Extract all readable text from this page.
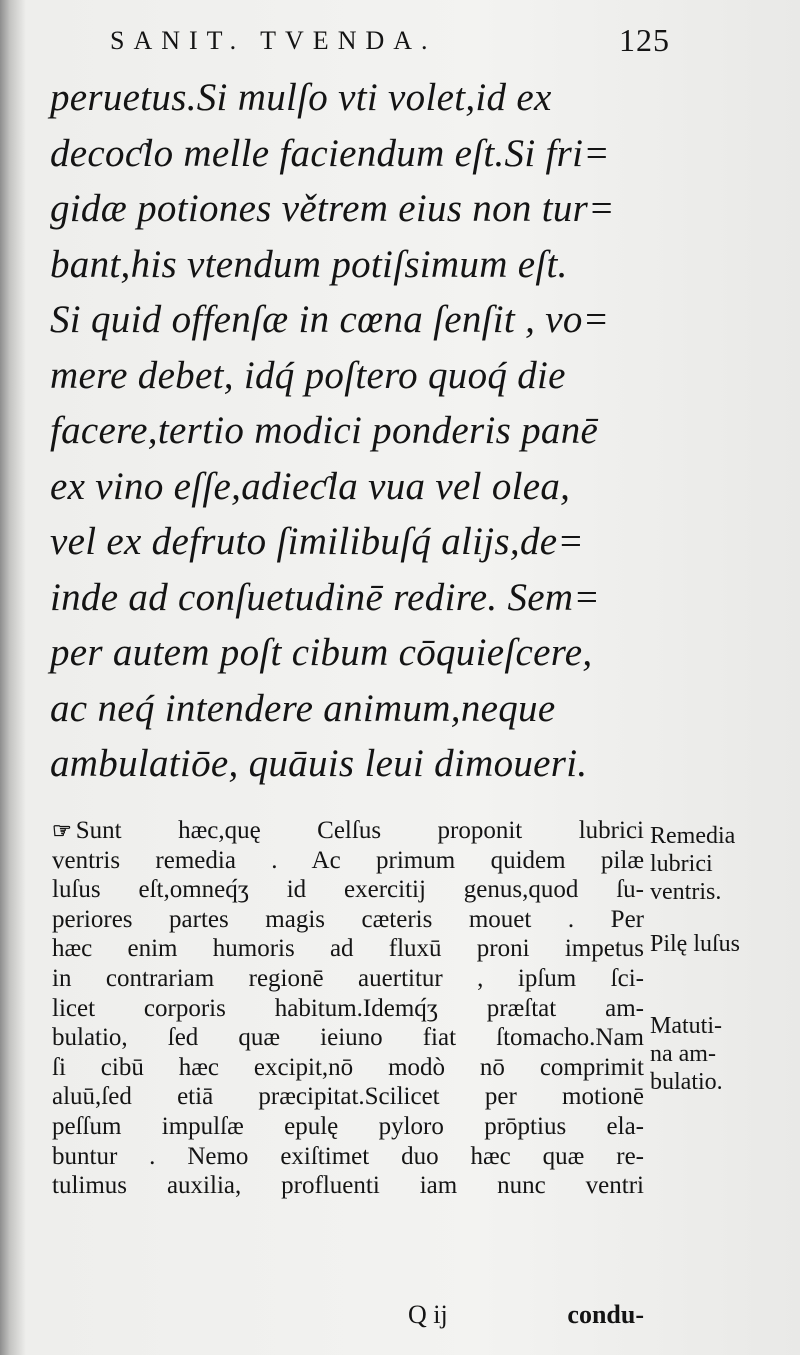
SANIT. TVENDA.	125
peruetus.Si mulſo vti volet,id ex
decoƈlo melle faciendum eſt.Si fri=
gidæ potiones větrem eius non tur=
bant,his vtendum potiſsimum eſt.
Si quid offenſæ in cœna ſenſit , vo=
mere debet, idq́ poſtero quoq́ die
facere,tertio modici ponderis panē
ex vino eſſe,adieƈla vua vel olea,
vel ex defruto ſimilibuſq́ alijs,de=
inde ad conſuetudinē redire. Sem=
per autem poſt cibum cōquieſcere,
ac neq́ intendere animum,neque
ambulatiōe, quāuis leui dimoueri.
☞ Sunt hæc,quę Celſus proponit lubrici
ventris remedia . Ac primum quidem pilæ
luſus eſt,omneq́ʒ id exercitij genus,quod ſu-
periores partes magis cæteris mouet . Per
hæc enim humoris ad fluxū proni impetus
in contrariam regionē auertitur , ipſum ſci-
licet corporis habitum.Idemq́ʒ præſtat am-
bulatio, ſed quæ ieiuno fiat ſtomacho.Nam
ſi cibū hæc excipit,nō modò nō comprimit
aluū,ſed etiā præcipitat.Scilicet per motionē
peſſum impulſæ epulę pyloro prōptius ela-
buntur . Nemo exiſtimet duo hæc quæ re-
tulimus auxilia, profluenti iam nunc ventri
Remedia
lubrici
ventris.
Pilę luſus
Matuti-
na am-
bulatio.
Q ij	condu-
